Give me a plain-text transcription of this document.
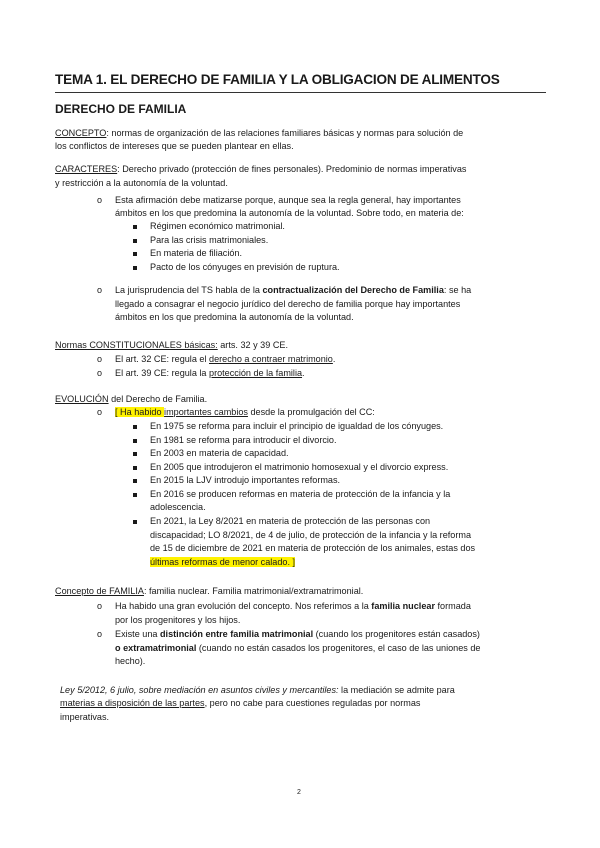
TEMA 1. EL DERECHO DE FAMILIA Y LA OBLIGACION DE ALIMENTOS
DERECHO DE FAMILIA
CONCEPTO: normas de organización de las relaciones familiares básicas y normas para solución de
los conflictos de intereses que se pueden plantear en ellas.
CARACTERES: Derecho privado (protección de fines personales). Predominio de normas imperativas
y restricción a la autonomía de la voluntad.
o Esta afirmación debe matizarse porque, aunque sea la regla general, hay importantes
ámbitos en los que predomina la autonomía de la voluntad. Sobre todo, en materia de:
Régimen económico matrimonial.
Para las crisis matrimoniales.
En materia de filiación.
Pacto de los cónyuges en previsión de ruptura.
o La jurisprudencia del TS habla de la contractualización del Derecho de Familia: se ha
llegado a consagrar el negocio jurídico del derecho de familia porque hay importantes
ámbitos en los que predomina la autonomía de la voluntad.
Normas CONSTITUCIONALES básicas: arts. 32 y 39 CE.
o El art. 32 CE: regula el derecho a contraer matrimonio.
o El art. 39 CE: regula la protección de la familia.
EVOLUCIÓN del Derecho de Familia.
o [ Ha habido importantes cambios desde la promulgación del CC:
En 1975 se reforma para incluir el principio de igualdad de los cónyuges.
En 1981 se reforma para introducir el divorcio.
En 2003 en materia de capacidad.
En 2005 que introdujeron el matrimonio homosexual y el divorcio express.
En 2015 la LJV introdujo importantes reformas.
En 2016 se producen reformas en materia de protección de la infancia y la
adolescencia.
En 2021, la Ley 8/2021 en materia de protección de las personas con
discapacidad; LO 8/2021, de 4 de julio, de protección de la infancia y la reforma
de 15 de diciembre de 2021 en materia de protección de los animales, estas dos
últimas reformas de menor calado. ]
Concepto de FAMILIA: familia nuclear. Familia matrimonial/extramatrimonial.
o Ha habido una gran evolución del concepto. Nos referimos a la familia nuclear formada
por los progenitores y los hijos.
o Existe una distinción entre familia matrimonial (cuando los progenitores están casados)
o extramatrimonial (cuando no están casados los progenitores, el caso de las uniones de
hecho).
Ley 5/2012, 6 julio, sobre mediación en asuntos civiles y mercantiles: la mediación se admite para
materias a disposición de las partes, pero no cabe para cuestiones reguladas por normas
imperativas.
2
